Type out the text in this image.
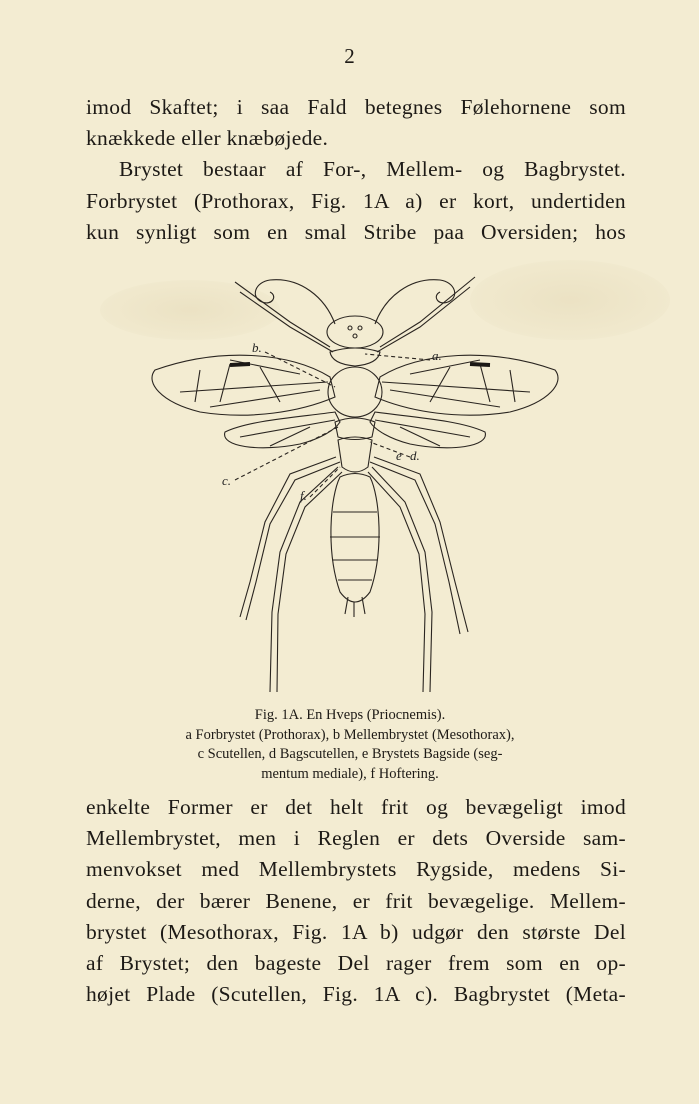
2
imod Skaftet; i saa Fald betegnes Følehornene som
knækkede eller knæbøjede.
Brystet bestaar af For-, Mellem- og Bagbrystet.
Forbrystet (Prothorax, Fig. 1A a) er kort, undertiden
kun synligt som en smal Stribe paa Oversiden; hos
b.
a.
c.
e d.
f.
Fig. 1A. En Hveps (Priocnemis).
a Forbrystet (Prothorax), b Mellembrystet (Mesothorax),
c Scutellen, d Bagscutellen, e Brystets Bagside (seg-
mentum mediale), f Hoftering.
enkelte Former er det helt frit og bevægeligt imod
Mellembrystet, men i Reglen er dets Overside sam-
menvokset med Mellembrystets Rygside, medens Si-
derne, der bærer Benene, er frit bevægelige. Mellem-
brystet (Mesothorax, Fig. 1A b) udgør den største Del
af Brystet; den bageste Del rager frem som en op-
højet Plade (Scutellen, Fig. 1A c). Bagbrystet (Meta-
